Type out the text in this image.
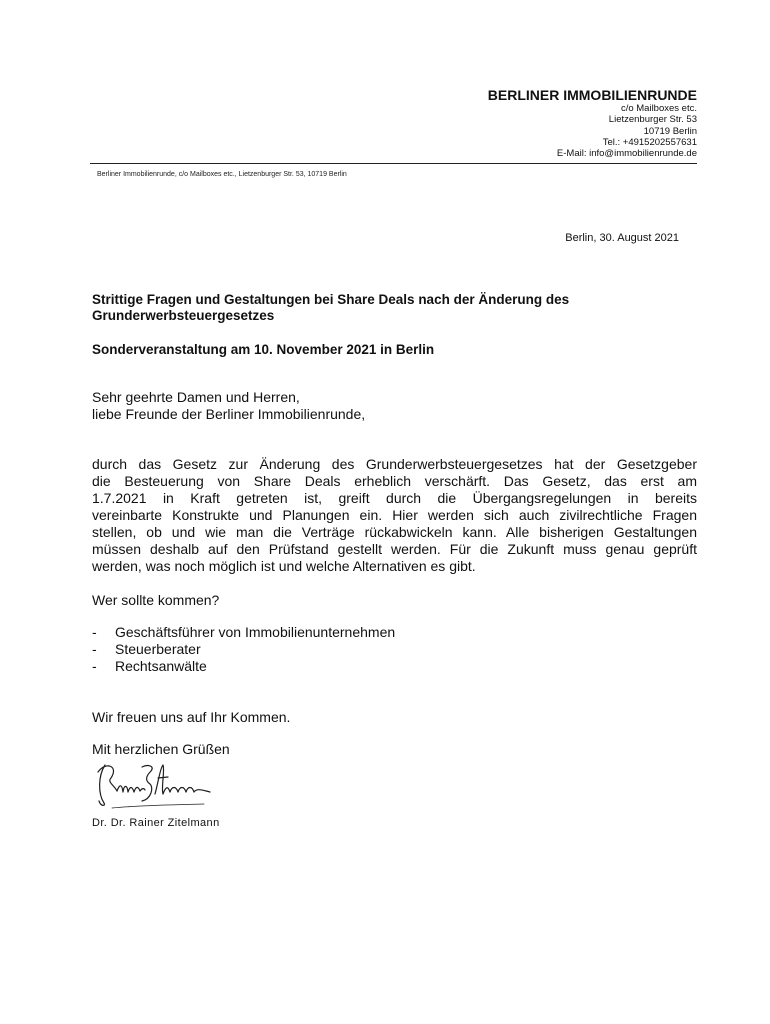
BERLINER IMMOBILIENRUNDE
c/o Mailboxes etc.
Lietzenburger Str. 53
10719 Berlin
Tel.: +4915202557631
E-Mail: info@immobilienrunde.de
Berliner Immobilienrunde, c/o Mailboxes etc., Lietzenburger Str. 53, 10719 Berlin
Berlin, 30. August 2021
Strittige Fragen und Gestaltungen bei Share Deals nach der Änderung des
Grunderwerbsteuergesetzes
Sonderveranstaltung am 10. November 2021 in Berlin
Sehr geehrte Damen und Herren,
liebe Freunde der Berliner Immobilienrunde,
durch das Gesetz zur Änderung des Grunderwerbsteuergesetzes hat der Gesetzgeber
die Besteuerung von Share Deals erheblich verschärft. Das Gesetz, das erst am
1.7.2021 in Kraft getreten ist, greift durch die Übergangsregelungen in bereits
vereinbarte Konstrukte und Planungen ein. Hier werden sich auch zivilrechtliche Fragen
stellen, ob und wie man die Verträge rückabwickeln kann. Alle bisherigen Gestaltungen
müssen deshalb auf den Prüfstand gestellt werden. Für die Zukunft muss genau geprüft
werden, was noch möglich ist und welche Alternativen es gibt.
Wer sollte kommen?
- Geschäftsführer von Immobilienunternehmen
- Steuerberater
- Rechtsanwälte
Wir freuen uns auf Ihr Kommen.
Mit herzlichen Grüßen
Dr. Dr. Rainer Zitelmann
